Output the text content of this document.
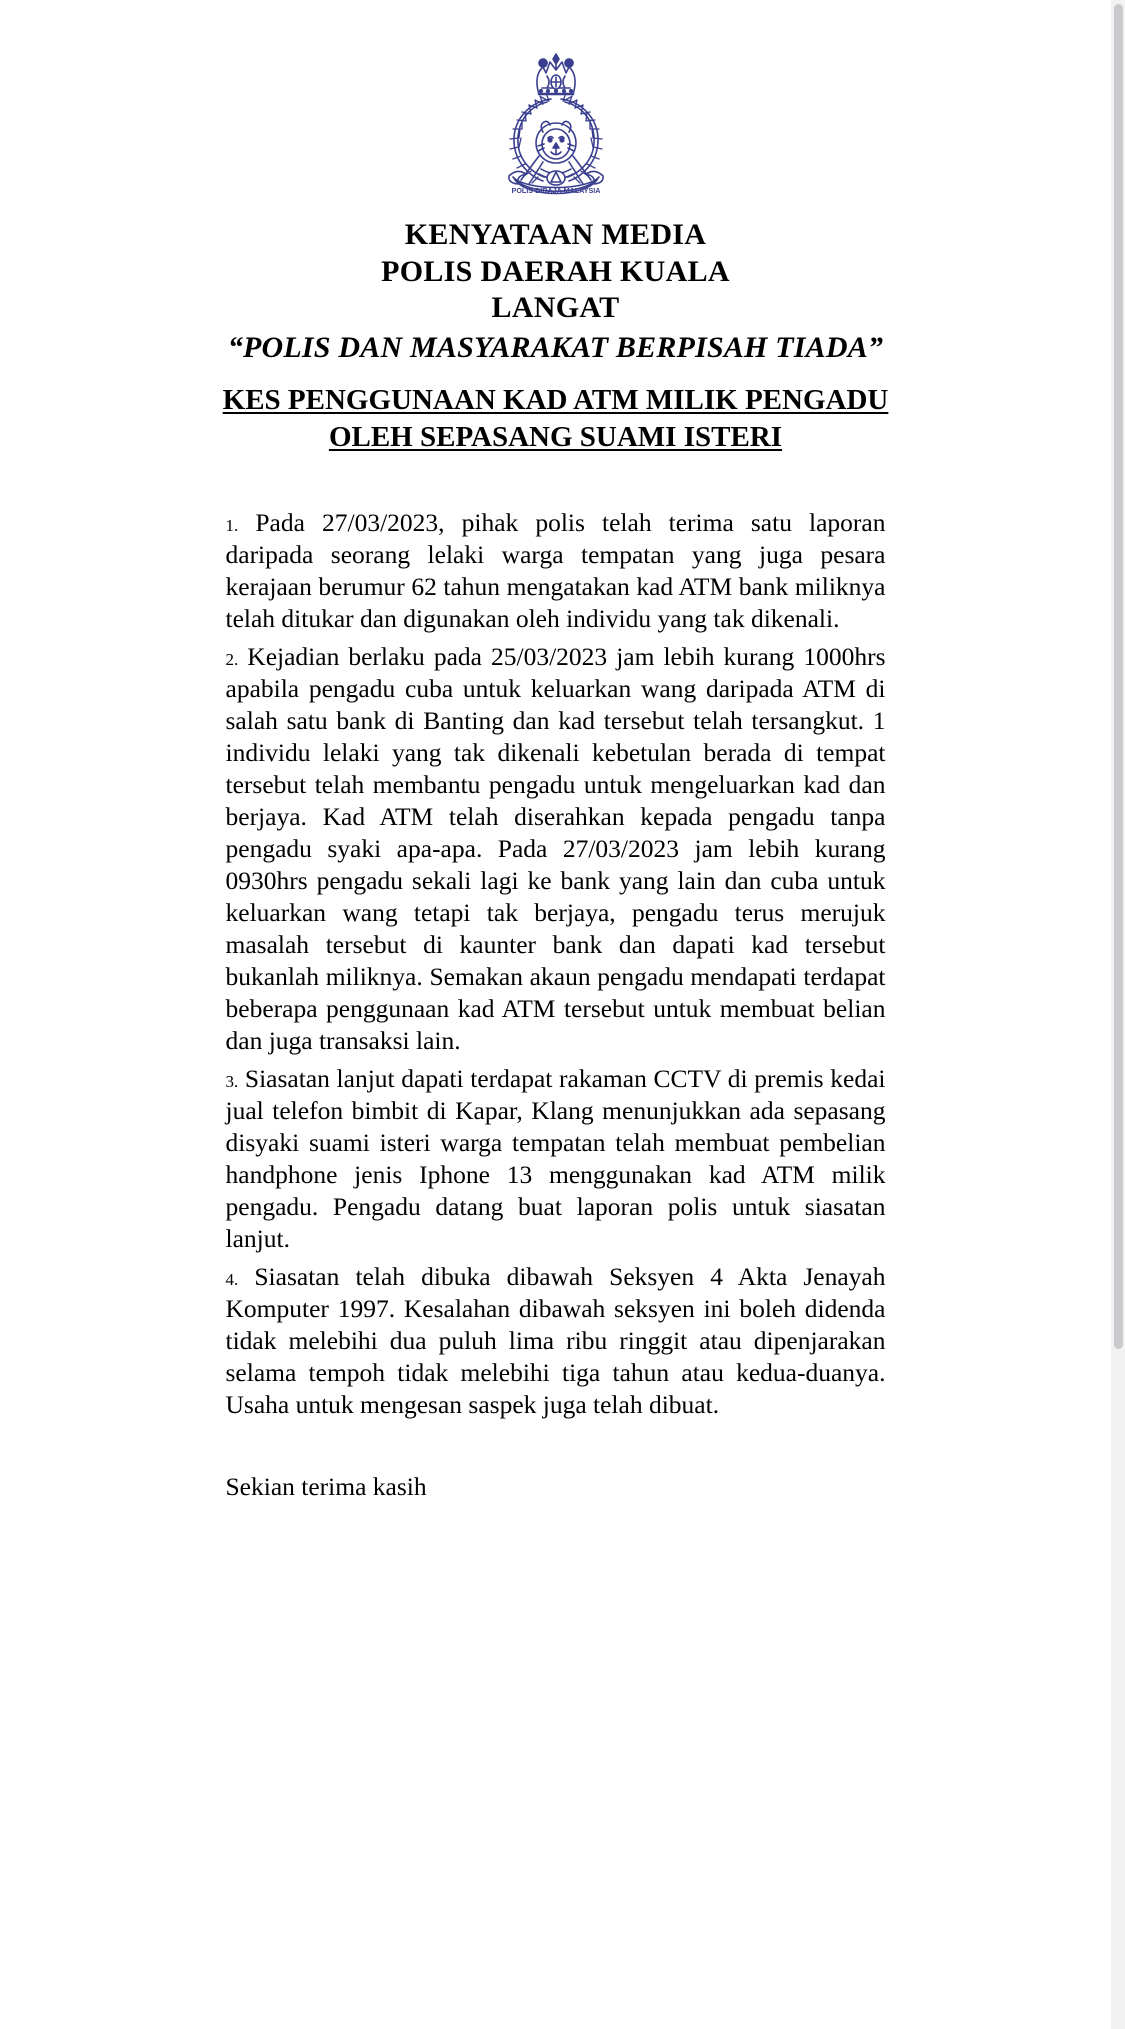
POLIS DIRAJA MALAYSIA
KENYATAAN MEDIA
POLIS DAERAH KUALA
LANGAT
“POLIS DAN MASYARAKAT BERPISAH TIADA”
KES PENGGUNAAN KAD ATM MILIK PENGADU
OLEH SEPASANG SUAMI ISTERI

1. Pada 27/03/2023, pihak polis telah terima satu laporan daripada seorang lelaki warga tempatan yang juga pesara kerajaan berumur 62 tahun mengatakan kad ATM bank miliknya telah ditukar dan digunakan oleh individu yang tak dikenali.

2. Kejadian berlaku pada 25/03/2023 jam lebih kurang 1000hrs apabila pengadu cuba untuk keluarkan wang daripada ATM di salah satu bank di Banting dan kad tersebut telah tersangkut. 1 individu lelaki yang tak dikenali kebetulan berada di tempat tersebut telah membantu pengadu untuk mengeluarkan kad dan berjaya. Kad ATM telah diserahkan kepada pengadu tanpa pengadu syaki apa-apa. Pada 27/03/2023 jam lebih kurang 0930hrs pengadu sekali lagi ke bank yang lain dan cuba untuk keluarkan wang tetapi tak berjaya, pengadu terus merujuk masalah tersebut di kaunter bank dan dapati kad tersebut bukanlah miliknya. Semakan akaun pengadu mendapati terdapat beberapa penggunaan kad ATM tersebut untuk membuat belian dan juga transaksi lain.

3. Siasatan lanjut dapati terdapat rakaman CCTV di premis kedai jual telefon bimbit di Kapar, Klang menunjukkan ada sepasang disyaki suami isteri warga tempatan telah membuat pembelian handphone jenis Iphone 13 menggunakan kad ATM milik pengadu. Pengadu datang buat laporan polis untuk siasatan lanjut.

4. Siasatan telah dibuka dibawah Seksyen 4 Akta Jenayah Komputer 1997. Kesalahan dibawah seksyen ini boleh didenda tidak melebihi dua puluh lima ribu ringgit atau dipenjarakan selama tempoh tidak melebihi tiga tahun atau kedua-duanya. Usaha untuk mengesan saspek juga telah dibuat.

Sekian terima kasih
